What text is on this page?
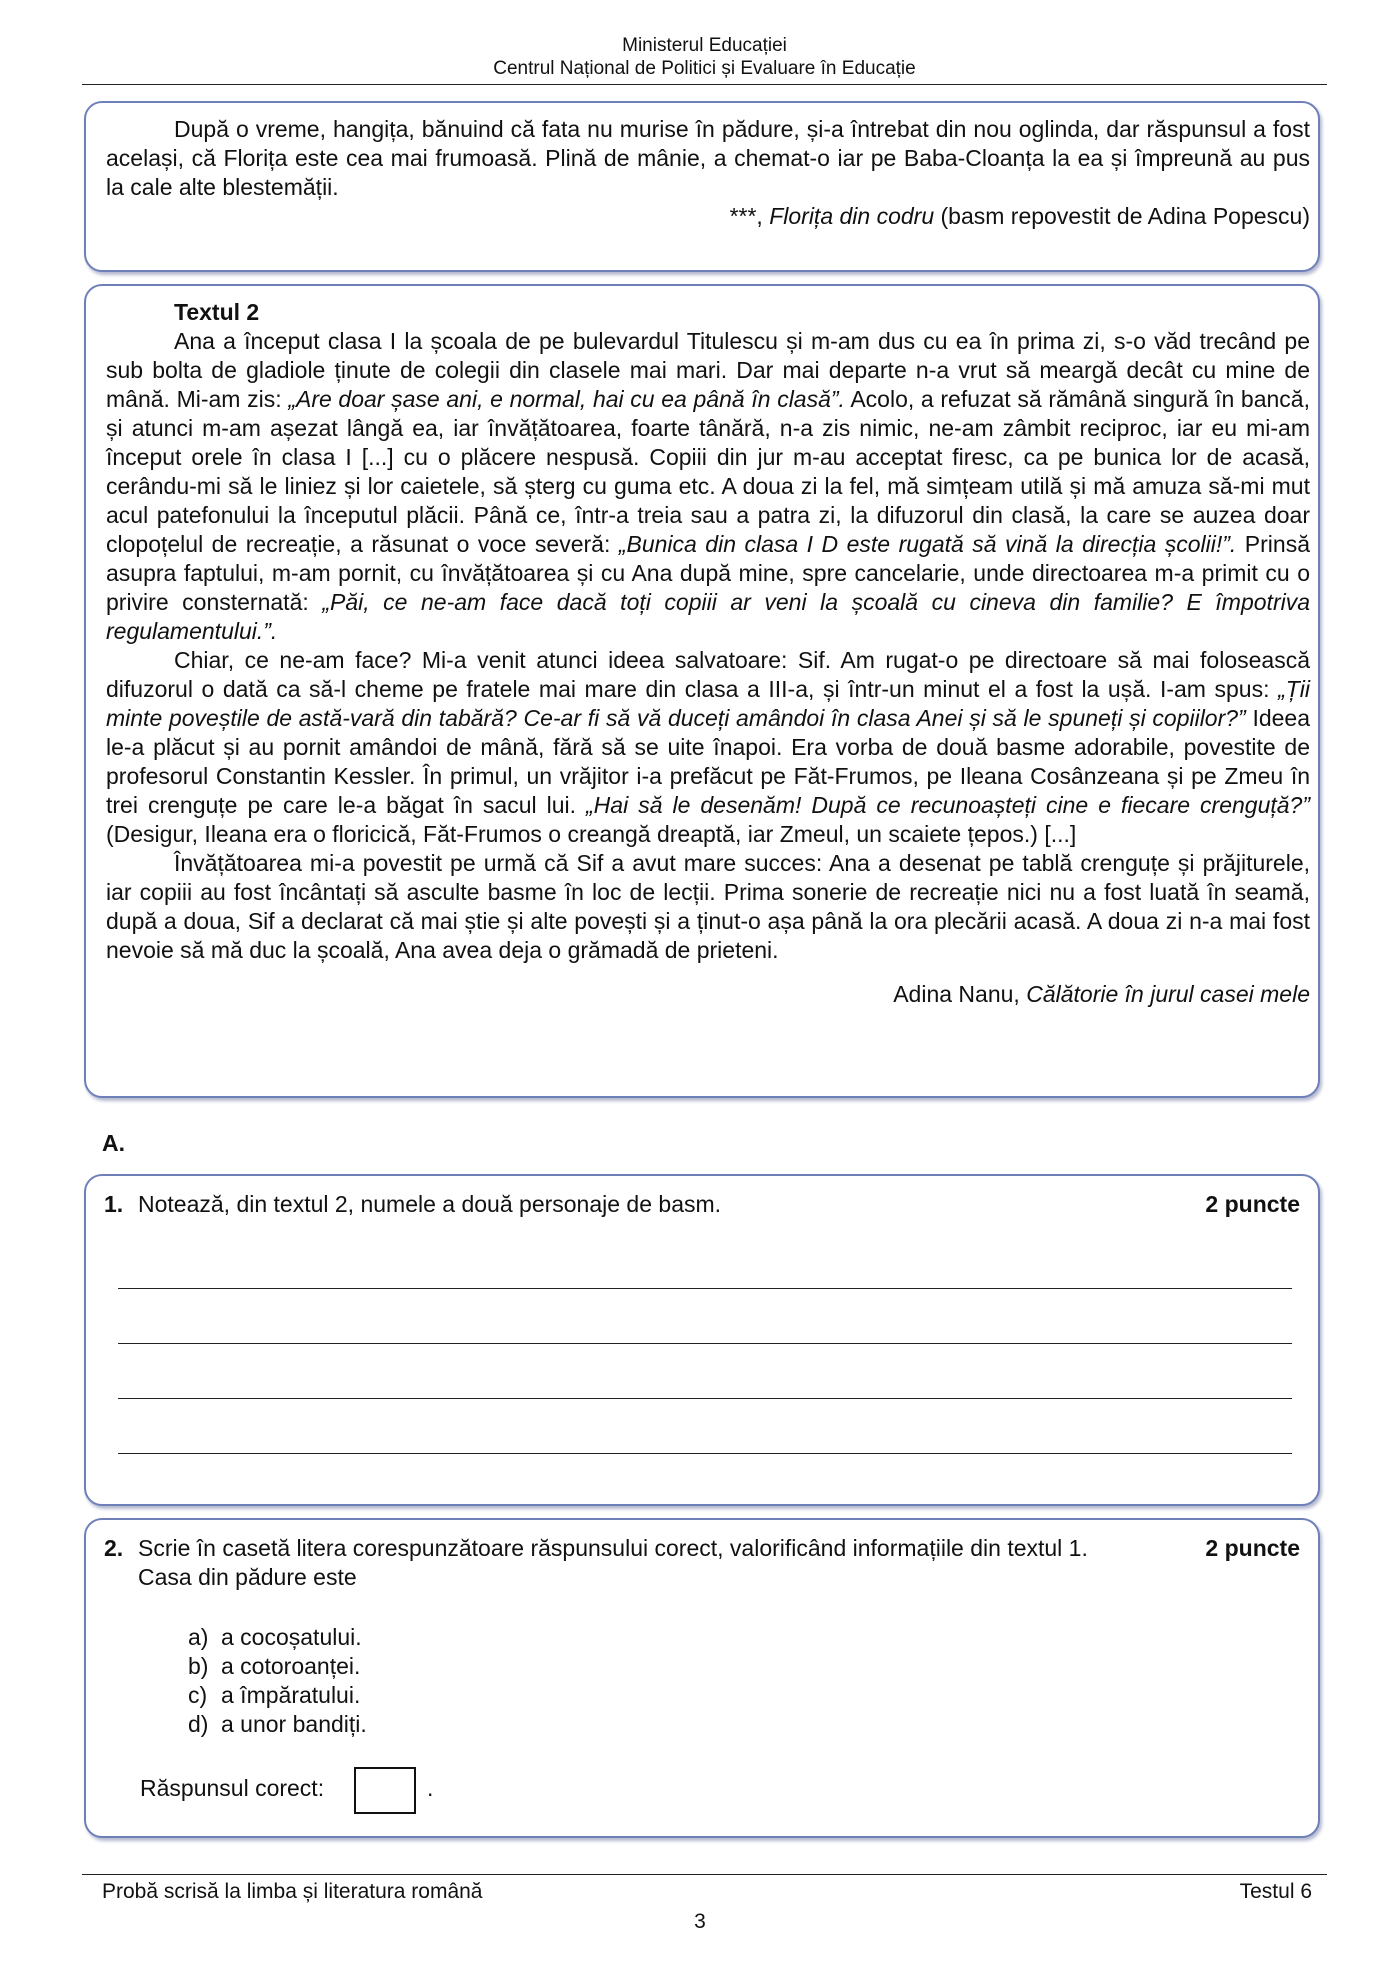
Ministerul Educației
Centrul Național de Politici și Evaluare în Educație

După o vreme, hangița, bănuind că fata nu murise în pădure, și-a întrebat din nou oglinda, dar răspunsul a fost același, că Florița este cea mai frumoasă. Plină de mânie, a chemat-o iar pe Baba-Cloanța la ea și împreună au pus la cale alte blestemății.

***, Florița din codru (basm repovestit de Adina Popescu)
Textul 2

Ana a început clasa I la școala de pe bulevardul Titulescu și m-am dus cu ea în prima zi, s-o văd trecând pe sub bolta de gladiole ținute de colegii din clasele mai mari. Dar mai departe n-a vrut să meargă decât cu mine de mână. Mi-am zis: „Are doar șase ani, e normal, hai cu ea până în clasă”. Acolo, a refuzat să rămână singură în bancă, și atunci m-am așezat lângă ea, iar învățătoarea, foarte tânără, n-a zis nimic, ne-am zâmbit reciproc, iar eu mi-am început orele în clasa I [...] cu o plăcere nespusă. Copiii din jur m-au acceptat firesc, ca pe bunica lor de acasă, cerându-mi să le liniez și lor caietele, să șterg cu guma etc. A doua zi la fel, mă simțeam utilă și mă amuza să-mi mut acul patefonului la începutul plăcii. Până ce, într-a treia sau a patra zi, la difuzorul din clasă, la care se auzea doar clopoțelul de recreație, a răsunat o voce severă: „Bunica din clasa I D este rugată să vină la direcția școlii!”. Prinsă asupra faptului, m-am pornit, cu învățătoarea și cu Ana după mine, spre cancelarie, unde directoarea m-a primit cu o privire consternată: „Păi, ce ne-am face dacă toți copiii ar veni la școală cu cineva din familie? E împotriva regulamentului.”.

Chiar, ce ne-am face? Mi-a venit atunci ideea salvatoare: Sif. Am rugat-o pe directoare să mai folosească difuzorul o dată ca să-l cheme pe fratele mai mare din clasa a III-a, și într-un minut el a fost la ușă. I-am spus: „Ții minte poveștile de astă-vară din tabără? Ce-ar fi să vă duceți amândoi în clasa Anei și să le spuneți și copiilor?” Ideea le-a plăcut și au pornit amândoi de mână, fără să se uite înapoi. Era vorba de două basme adorabile, povestite de profesorul Constantin Kessler. În primul, un vrăjitor i-a prefăcut pe Făt-Frumos, pe Ileana Cosânzeana și pe Zmeu în trei crenguțe pe care le-a băgat în sacul lui. „Hai să le desenăm! După ce recunoașteți cine e fiecare crenguță?” (Desigur, Ileana era o floricică, Făt-Frumos o creangă dreaptă, iar Zmeul, un scaiete țepos.) [...]

Învățătoarea mi-a povestit pe urmă că Sif a avut mare succes: Ana a desenat pe tablă crenguțe și prăjiturele, iar copiii au fost încântați să asculte basme în loc de lecții. Prima sonerie de recreație nici nu a fost luată în seamă, după a doua, Sif a declarat că mai știe și alte povești și a ținut-o așa până la ora plecării acasă. A doua zi n-a mai fost nevoie să mă duc la școală, Ana avea deja o grămadă de prieteni.

Adina Nanu, Călătorie în jurul casei mele
A.
1. Notează, din textul 2, numele a două personaje de basm.	2 puncte
2. Scrie în casetă litera corespunzătoare răspunsului corect, valorificând informațiile din textul 1.	2 puncte
Casa din pădure este
a) a cocoșatului.
b) a cotoroanței.
c) a împăratului.
d) a unor bandiți.
Răspunsul corect:	.
Probă scrisă la limba și literatura română	Testul 6
3
